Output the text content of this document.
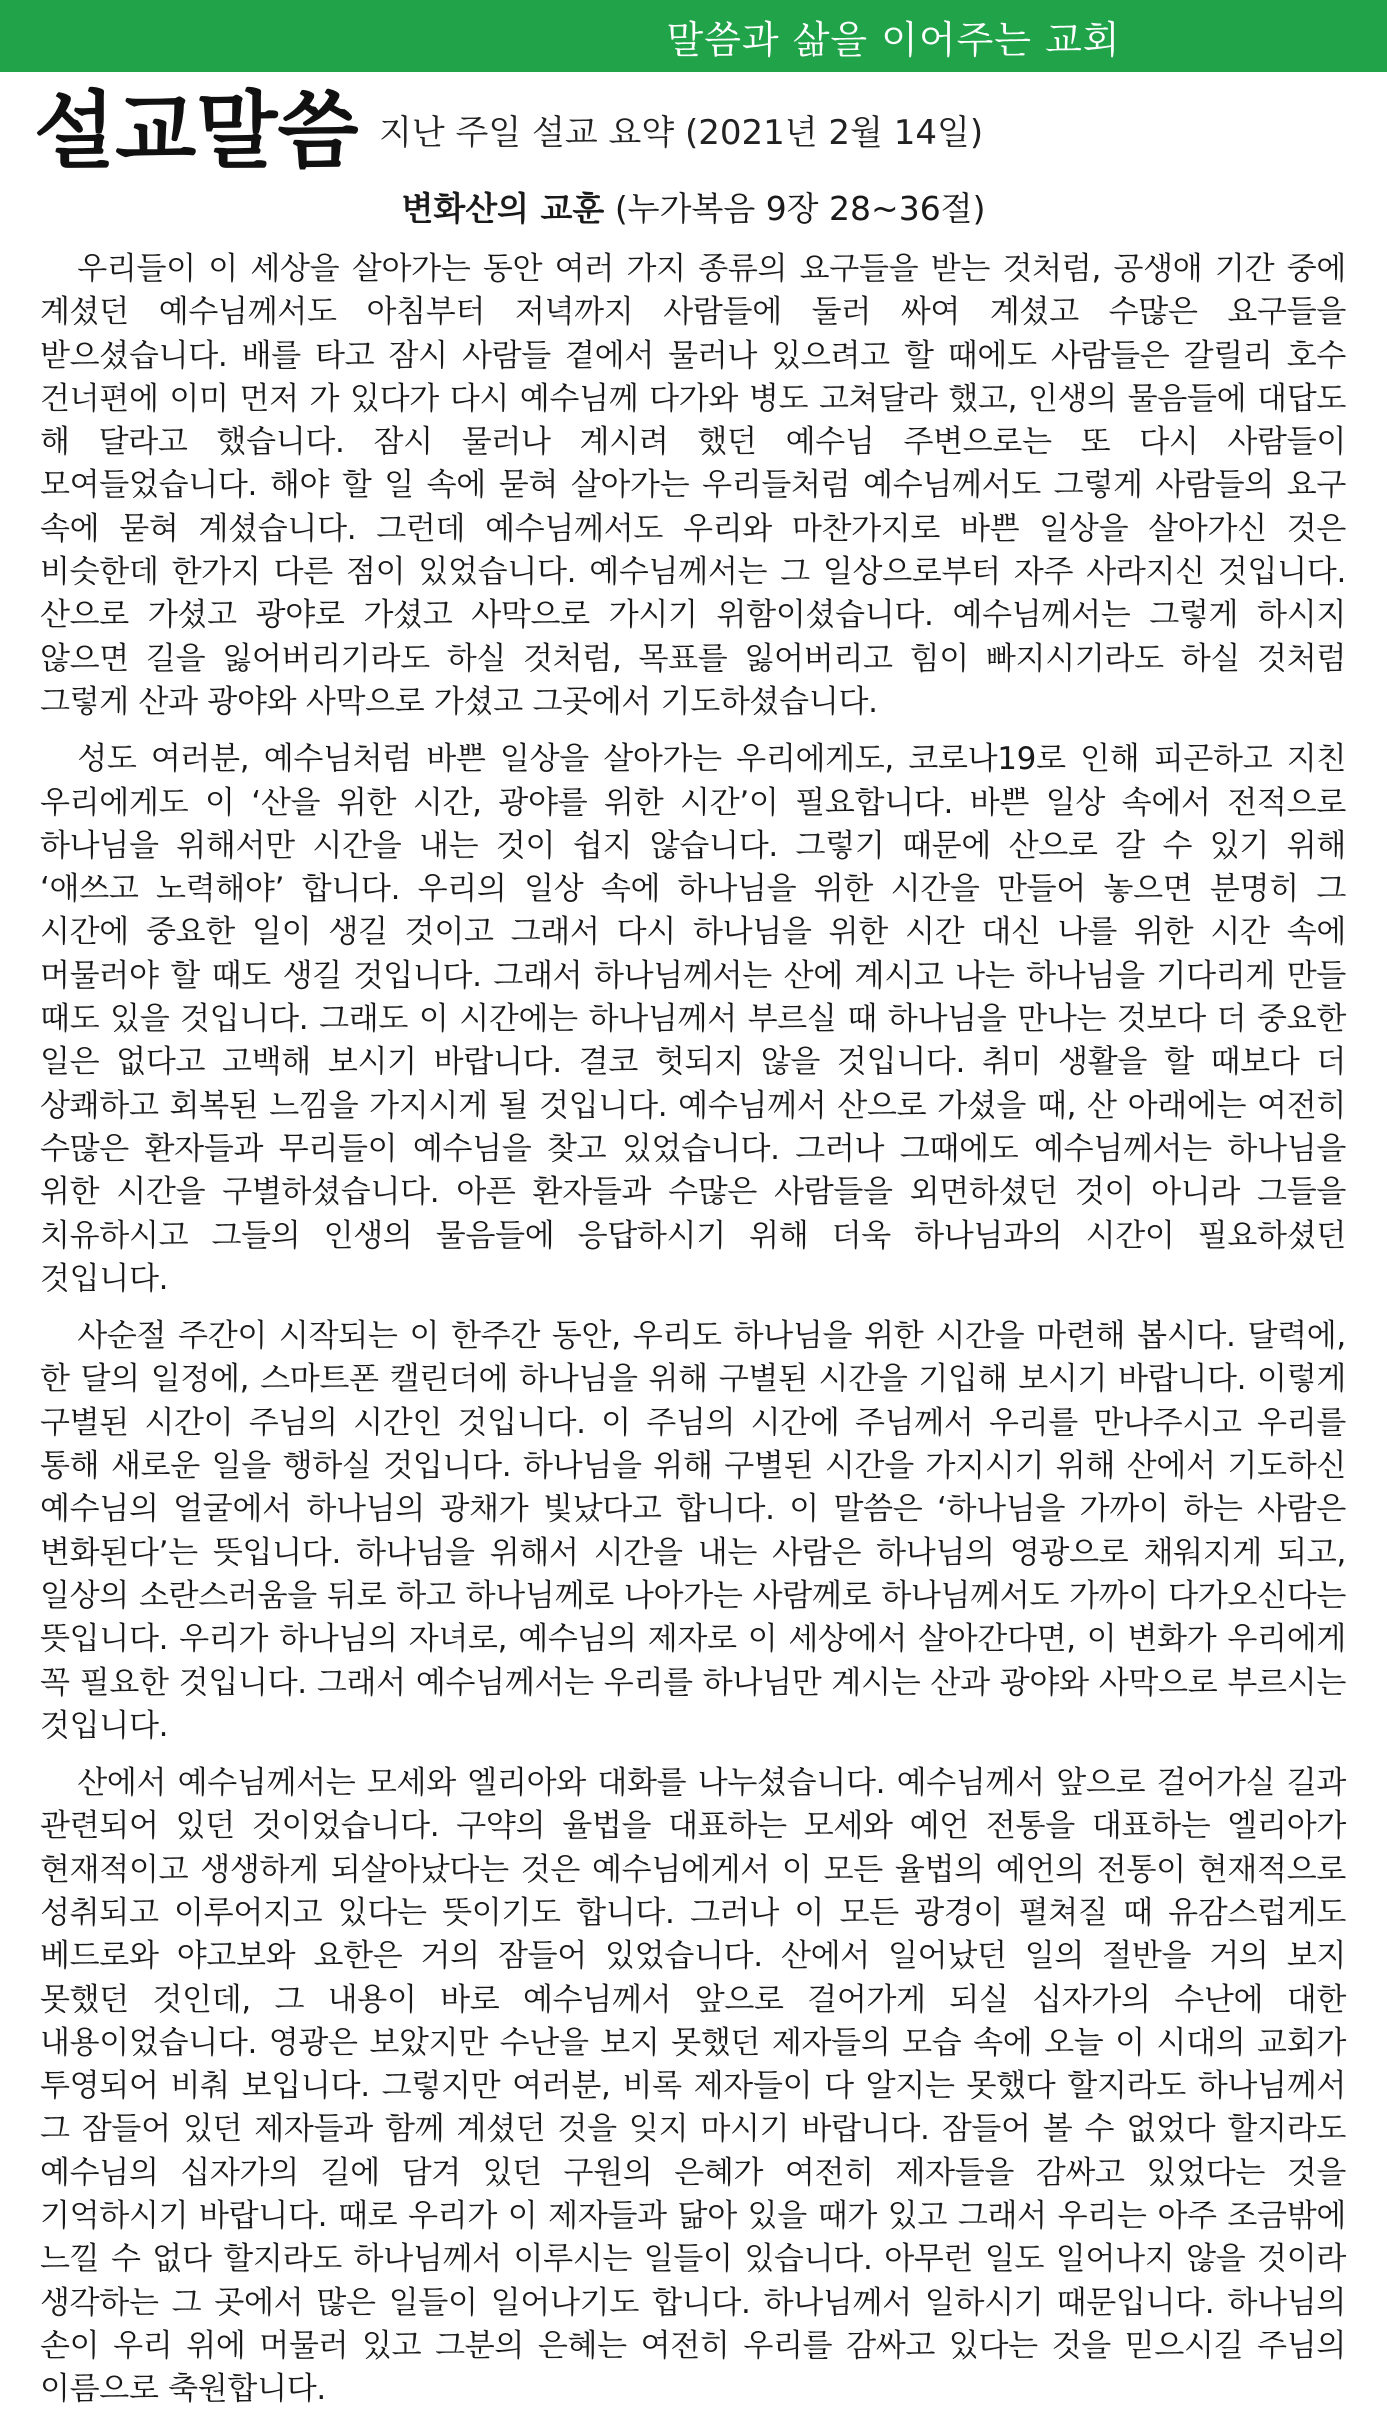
말씀과 삶을 이어주는 교회
설교말씀 지난 주일 설교 요약 (2021년 2월 14일)
변화산의 교훈 (누가복음 9장 28~36절)

우리들이 이 세상을 살아가는 동안 여러 가지 종류의 요구들을 받는 것처럼, 공생애 기간 중에 계셨던 예수님께서도 아침부터 저녁까지 사람들에 둘러 싸여 계셨고 수많은 요구들을 받으셨습니다. 배를 타고 잠시 사람들 곁에서 물러나 있으려고 할 때에도 사람들은 갈릴리 호수 건너편에 이미 먼저 가 있다가 다시 예수님께 다가와 병도 고쳐달라 했고, 인생의 물음들에 대답도 해 달라고 했습니다. 잠시 물러나 계시려 했던 예수님 주변으로는 또 다시 사람들이 모여들었습니다. 해야 할 일 속에 묻혀 살아가는 우리들처럼 예수님께서도 그렇게 사람들의 요구 속에 묻혀 계셨습니다. 그런데 예수님께서도 우리와 마찬가지로 바쁜 일상을 살아가신 것은 비슷한데 한가지 다른 점이 있었습니다. 예수님께서는 그 일상으로부터 자주 사라지신 것입니다. 산으로 가셨고 광야로 가셨고 사막으로 가시기 위함이셨습니다. 예수님께서는 그렇게 하시지 않으면 길을 잃어버리기라도 하실 것처럼, 목표를 잃어버리고 힘이 빠지시기라도 하실 것처럼 그렇게 산과 광야와 사막으로 가셨고 그곳에서 기도하셨습니다.

성도 여러분, 예수님처럼 바쁜 일상을 살아가는 우리에게도, 코로나19로 인해 피곤하고 지친 우리에게도 이 ‘산을 위한 시간, 광야를 위한 시간’이 필요합니다. 바쁜 일상 속에서 전적으로 하나님을 위해서만 시간을 내는 것이 쉽지 않습니다. 그렇기 때문에 산으로 갈 수 있기 위해 ‘애쓰고 노력해야’ 합니다. 우리의 일상 속에 하나님을 위한 시간을 만들어 놓으면 분명히 그 시간에 중요한 일이 생길 것이고 그래서 다시 하나님을 위한 시간 대신 나를 위한 시간 속에 머물러야 할 때도 생길 것입니다. 그래서 하나님께서는 산에 계시고 나는 하나님을 기다리게 만들 때도 있을 것입니다. 그래도 이 시간에는 하나님께서 부르실 때 하나님을 만나는 것보다 더 중요한 일은 없다고 고백해 보시기 바랍니다. 결코 헛되지 않을 것입니다. 취미 생활을 할 때보다 더 상쾌하고 회복된 느낌을 가지시게 될 것입니다. 예수님께서 산으로 가셨을 때, 산 아래에는 여전히 수많은 환자들과 무리들이 예수님을 찾고 있었습니다. 그러나 그때에도 예수님께서는 하나님을 위한 시간을 구별하셨습니다. 아픈 환자들과 수많은 사람들을 외면하셨던 것이 아니라 그들을 치유하시고 그들의 인생의 물음들에 응답하시기 위해 더욱 하나님과의 시간이 필요하셨던 것입니다.

사순절 주간이 시작되는 이 한주간 동안, 우리도 하나님을 위한 시간을 마련해 봅시다. 달력에, 한 달의 일정에, 스마트폰 캘린더에 하나님을 위해 구별된 시간을 기입해 보시기 바랍니다. 이렇게 구별된 시간이 주님의 시간인 것입니다. 이 주님의 시간에 주님께서 우리를 만나주시고 우리를 통해 새로운 일을 행하실 것입니다. 하나님을 위해 구별된 시간을 가지시기 위해 산에서 기도하신 예수님의 얼굴에서 하나님의 광채가 빛났다고 합니다. 이 말씀은 ‘하나님을 가까이 하는 사람은 변화된다’는 뜻입니다. 하나님을 위해서 시간을 내는 사람은 하나님의 영광으로 채워지게 되고, 일상의 소란스러움을 뒤로 하고 하나님께로 나아가는 사람께로 하나님께서도 가까이 다가오신다는 뜻입니다. 우리가 하나님의 자녀로, 예수님의 제자로 이 세상에서 살아간다면, 이 변화가 우리에게 꼭 필요한 것입니다. 그래서 예수님께서는 우리를 하나님만 계시는 산과 광야와 사막으로 부르시는 것입니다.

산에서 예수님께서는 모세와 엘리아와 대화를 나누셨습니다. 예수님께서 앞으로 걸어가실 길과 관련되어 있던 것이었습니다. 구약의 율법을 대표하는 모세와 예언 전통을 대표하는 엘리아가 현재적이고 생생하게 되살아났다는 것은 예수님에게서 이 모든 율법의 예언의 전통이 현재적으로 성취되고 이루어지고 있다는 뜻이기도 합니다. 그러나 이 모든 광경이 펼쳐질 때 유감스럽게도 베드로와 야고보와 요한은 거의 잠들어 있었습니다. 산에서 일어났던 일의 절반을 거의 보지 못했던 것인데, 그 내용이 바로 예수님께서 앞으로 걸어가게 되실 십자가의 수난에 대한 내용이었습니다. 영광은 보았지만 수난을 보지 못했던 제자들의 모습 속에 오늘 이 시대의 교회가 투영되어 비춰 보입니다. 그렇지만 여러분, 비록 제자들이 다 알지는 못했다 할지라도 하나님께서 그 잠들어 있던 제자들과 함께 계셨던 것을 잊지 마시기 바랍니다. 잠들어 볼 수 없었다 할지라도 예수님의 십자가의 길에 담겨 있던 구원의 은혜가 여전히 제자들을 감싸고 있었다는 것을 기억하시기 바랍니다. 때로 우리가 이 제자들과 닮아 있을 때가 있고 그래서 우리는 아주 조금밖에 느낄 수 없다 할지라도 하나님께서 이루시는 일들이 있습니다. 아무런 일도 일어나지 않을 것이라 생각하는 그 곳에서 많은 일들이 일어나기도 합니다. 하나님께서 일하시기 때문입니다. 하나님의 손이 우리 위에 머물러 있고 그분의 은혜는 여전히 우리를 감싸고 있다는 것을 믿으시길 주님의 이름으로 축원합니다.
